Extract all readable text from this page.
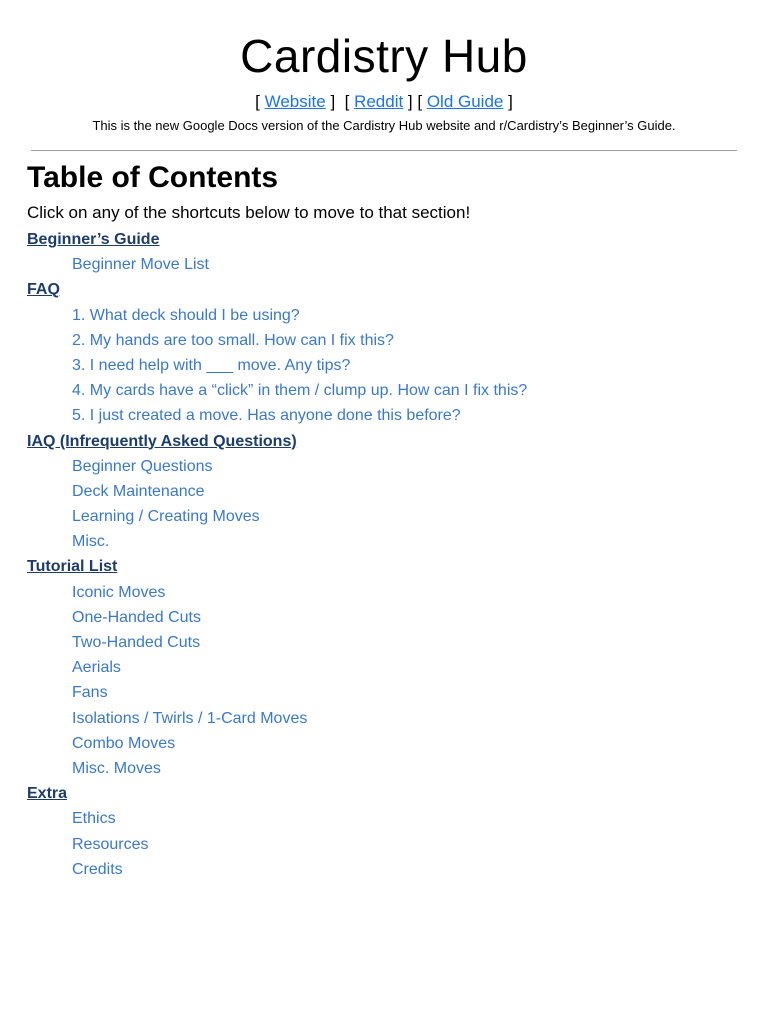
Cardistry Hub
[ Website ]  [ Reddit ] [ Old Guide ]
This is the new Google Docs version of the Cardistry Hub website and r/Cardistry’s Beginner’s Guide.
Table of Contents
Click on any of the shortcuts below to move to that section!
Beginner’s Guide
Beginner Move List
FAQ
1. What deck should I be using?
2. My hands are too small. How can I fix this?
3. I need help with ___ move. Any tips?
4. My cards have a “click” in them / clump up. How can I fix this?
5. I just created a move. Has anyone done this before?
IAQ (Infrequently Asked Questions)
Beginner Questions
Deck Maintenance
Learning / Creating Moves
Misc.
Tutorial List
Iconic Moves
One-Handed Cuts
Two-Handed Cuts
Aerials
Fans
Isolations / Twirls / 1-Card Moves
Combo Moves
Misc. Moves
Extra
Ethics
Resources
Credits
